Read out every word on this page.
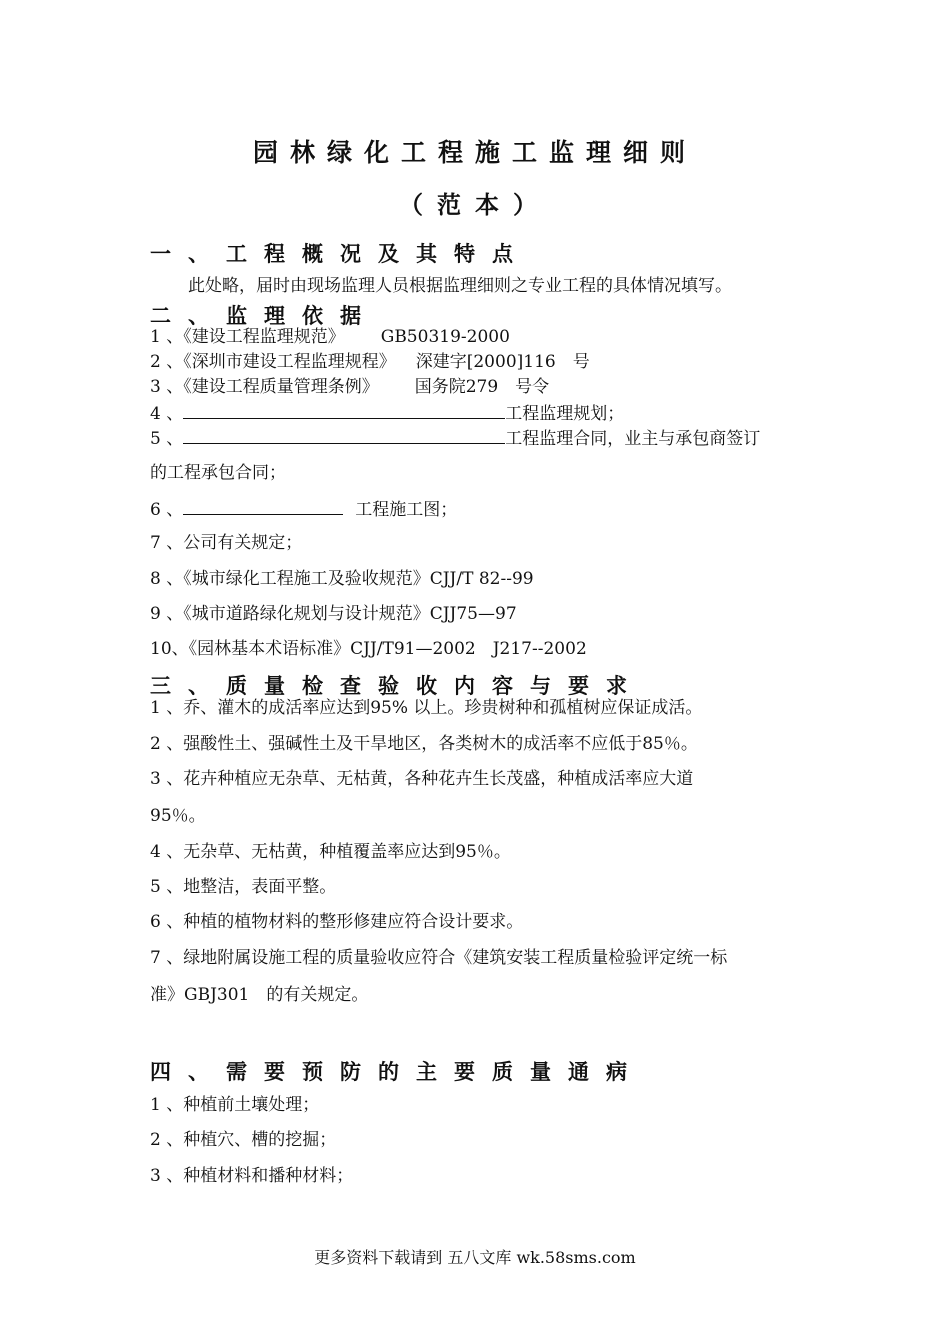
园林绿化工程施工监理细则
（范本）
一、工程概况及其特点
此处略，届时由现场监理人员根据监理细则之专业工程的具体情况填写。
二、监理依据
1 、《建设工程监理规范》 GB50319-2000
2 、《深圳市建设工程监理规程》 深建字[2000]116　号
3 、《建设工程质量管理条例》 国务院279　号令
4 、	工程监理规划；
5 、	工程监理合同，业主与承包商签订
的工程承包合同；
6 、	工程施工图；
7 、公司有关规定；
8 、《城市绿化工程施工及验收规范》CJJ/T 82--99
9 、《城市道路绿化规划与设计规范》CJJ75—97
10、《园林基本术语标准》CJJ/T91—2002　J217--2002
三、质量检查验收内容与要求
1 、乔、灌木的成活率应达到95% 以上。珍贵树种和孤植树应保证成活。
2 、强酸性土、强碱性土及干旱地区，各类树木的成活率不应低于85％。
3 、花卉种植应无杂草、无枯黄，各种花卉生长茂盛，种植成活率应大道
95％。
4 、无杂草、无枯黄，种植覆盖率应达到95％。
5 、地整洁，表面平整。
6 、种植的植物材料的整形修建应符合设计要求。
7 、绿地附属设施工程的质量验收应符合《建筑安装工程质量检验评定统一标
准》GBJ301　的有关规定。
四、需要预防的主要质量通病
1 、种植前土壤处理；
2 、种植穴、槽的挖掘；
3 、种植材料和播种材料；
更多资料下载请到 五八文库 wk.58sms.com
